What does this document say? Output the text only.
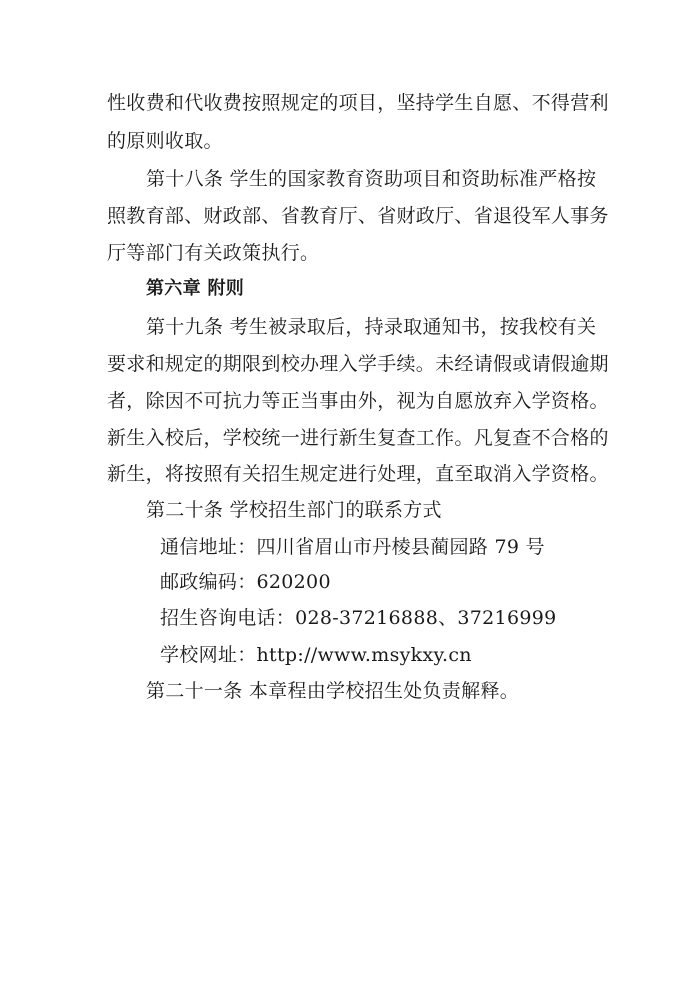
性收费和代收费按照规定的项目，坚持学生自愿、不得营利
的原则收取。
第十八条 学生的国家教育资助项目和资助标准严格按
照教育部、财政部、省教育厅、省财政厅、省退役军人事务
厅等部门有关政策执行。
第六章 附则
第十九条 考生被录取后，持录取通知书，按我校有关
要求和规定的期限到校办理入学手续。未经请假或请假逾期
者，除因不可抗力等正当事由外，视为自愿放弃入学资格。
新生入校后，学校统一进行新生复查工作。凡复查不合格的
新生，将按照有关招生规定进行处理，直至取消入学资格。
第二十条 学校招生部门的联系方式
通信地址：四川省眉山市丹棱县蔺园路 79 号
邮政编码：620200
招生咨询电话：028-37216888、37216999
学校网址：http://www.msykxy.cn
第二十一条 本章程由学校招生处负责解释。
